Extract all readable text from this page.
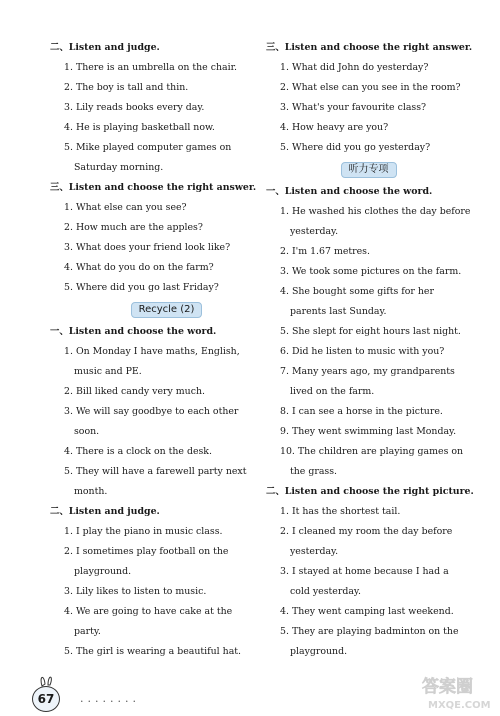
二、Listen and judge.
1. There is an umbrella on the chair.
2. The boy is tall and thin.
3. Lily reads books every day.
4. He is playing basketball now.
5. Mike played computer games on Saturday morning.
三、Listen and choose the right answer.
1. What else can you see?
2. How much are the apples?
3. What does your friend look like?
4. What do you do on the farm?
5. Where did you go last Friday?
Recycle (2)
一、Listen and choose the word.
1. On Monday I have maths, English, music and PE.
2. Bill liked candy very much.
3. We will say goodbye to each other soon.
4. There is a clock on the desk.
5. They will have a farewell party next month.
二、Listen and judge.
1. I play the piano in music class.
2. I sometimes play football on the playground.
3. Lily likes to listen to music.
4. We are going to have cake at the party.
5. The girl is wearing a beautiful hat.
三、Listen and choose the right answer.
1. What did John do yesterday?
2. What else can you see in the room?
3. What's your favourite class?
4. How heavy are you?
5. Where did you go yesterday?
听力专项
一、Listen and choose the word.
1. He washed his clothes the day before yesterday.
2. I'm 1.67 metres.
3. We took some pictures on the farm.
4. She bought some gifts for her parents last Sunday.
5. She slept for eight hours last night.
6. Did he listen to music with you?
7. Many years ago, my grandparents lived on the farm.
8. I can see a horse in the picture.
9. They went swimming last Monday.
10. The children are playing games on the grass.
二、Listen and choose the right picture.
1. It has the shortest tail.
2. I cleaned my room the day before yesterday.
3. I stayed at home because I had a cold yesterday.
4. They went camping last weekend.
5. They are playing badminton on the playground.
67	........
答案圈
MXQE.COM
